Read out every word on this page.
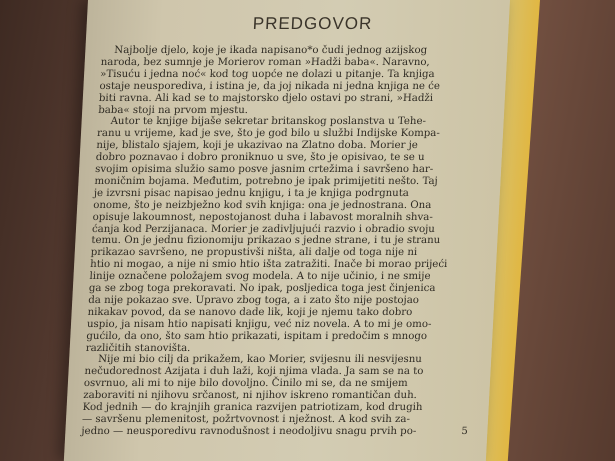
PREDGOVOR
Najbolje djelo, koje je ikada napisano*o čudi jednog azijskog
naroda, bez sumnje je Morierov roman »Hadži baba«. Naravno,
»Tisuću i jedna noć« kod tog uopće ne dolazi u pitanje. Ta knjiga
ostaje neusporediva, i istina je, da joj nikada ni jedna knjiga ne će
biti ravna. Ali kad se to majstorsko djelo ostavi po strani, »Hadži
baba« stoji na prvom mjestu.
Autor te knjige bijaše sekretar britanskog poslanstva u Tehe-
ranu u vrijeme, kad je sve, što je god bilo u službi Indijske Kompa-
nije, blistalo sjajem, koji je ukazivao na Zlatno doba. Morier je
dobro poznavao i dobro proniknuo u sve, što je opisivao, te se u
svojim opisima služio samo posve jasnim crtežima i savršeno har-
moničnim bojama. Međutim, potrebno je ipak primijetiti nešto. Taj
je izvrsni pisac napisao jednu knjigu, i ta je knjiga podrgnuta
onome, što je neizbježno kod svih knjiga: ona je jednostrana. Ona
opisuje lakoumnost, nepostojanost duha i labavost moralnih shva-
ćanja kod Perzijanaca. Morier je zadivljujući razvio i obradio svoju
temu. On je jednu fizionomiju prikazao s jedne strane, i tu je stranu
prikazao savršeno, ne propustivši ništa, ali dalje od toga nije ni
htio ni mogao, a nije ni smio htio išta zatražiti. Inače bi morao prijeći
linije označene položajem svog modela. A to nije učinio, i ne smije
ga se zbog toga prekoravati. No ipak, posljedica toga jest činjenica
da nije pokazao sve. Upravo zbog toga, a i zato što nije postojao
nikakav povod, da se nanovo dade lik, koji je njemu tako dobro
uspio, ja nisam htio napisati knjigu, već niz novela. A to mi je omo-
gućilo, da ono, što sam htio prikazati, ispitam i predočim s mnogo
različitih stanovišta.
Nije mi bio cilj da prikažem, kao Morier, svijesnu ili nesvijesnu
nečudorednost Azijata i duh laži, koji njima vlada. Ja sam se na to
osvrnuo, ali mi to nije bilo dovoljno. Činilo mi se, da ne smijem
zaboraviti ni njihovu srčanost, ni njihov iskreno romantičan duh.
Kod jednih — do krajnjih granica razvijen patriotizam, kod drugih
— savršenu plemenitost, požrtvovnost i nježnost. A kod svih za-
jedno — neusporedivu ravnodušnost i neodoljivu snagu prvih po-	5
